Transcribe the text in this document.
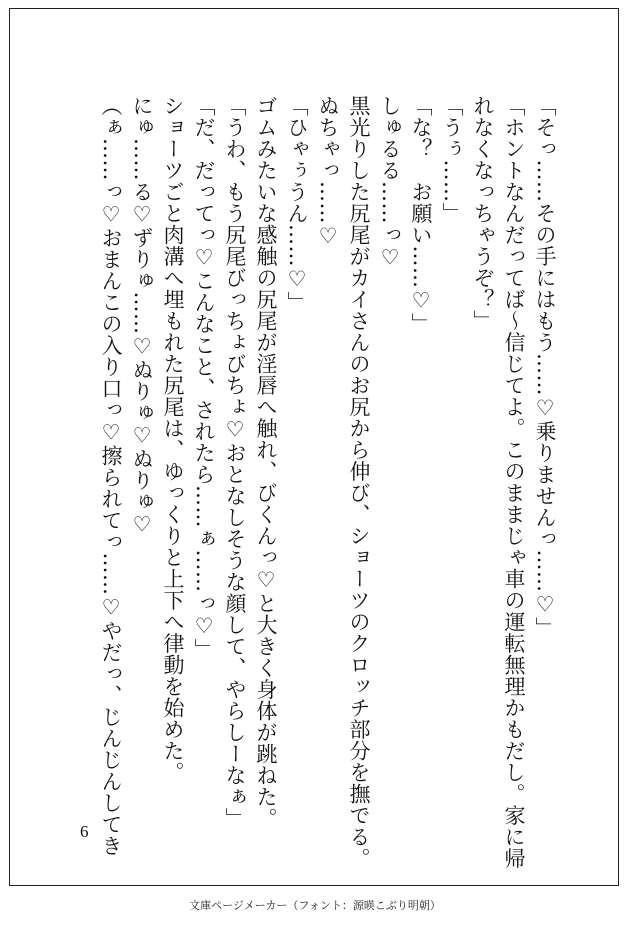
「そっ……その手にはもう……♡乗りませんっ……♡」
「ホントなんだってば～信じてよ。このままじゃ車の運転無理かもだし。家に帰
れなくなっちゃうぞ？」
「うぅ……」
「な？　お願い……♡」
しゅるる……っ♡
黒光りした尻尾がカイさんのお尻から伸び、ショーツのクロッチ部分を撫でる。
ぬちゃっ……♡
「ひゃぅうん……♡」
ゴムみたいな感触の尻尾が淫唇へ触れ、びくんっ♡と大きく身体が跳ねた。
「うわ、もう尻尾びっちょびちょ♡おとなしそうな顔して、やらしーなぁ」
「だ、だってっ♡こんなこと、されたら……ぁ……っ♡」
ショーツごと肉溝へ埋もれた尻尾は、ゆっくりと上下へ律動を始めた。
にゅ……る♡ずりゅ……♡ぬりゅ♡ぬりゅ♡
（ぁ……っ♡おまんこの入り口っ♡擦られてっ……♡やだっ、じんじんしてき
6
文庫ページメーカー（フォント：源暎こぶり明朝）
